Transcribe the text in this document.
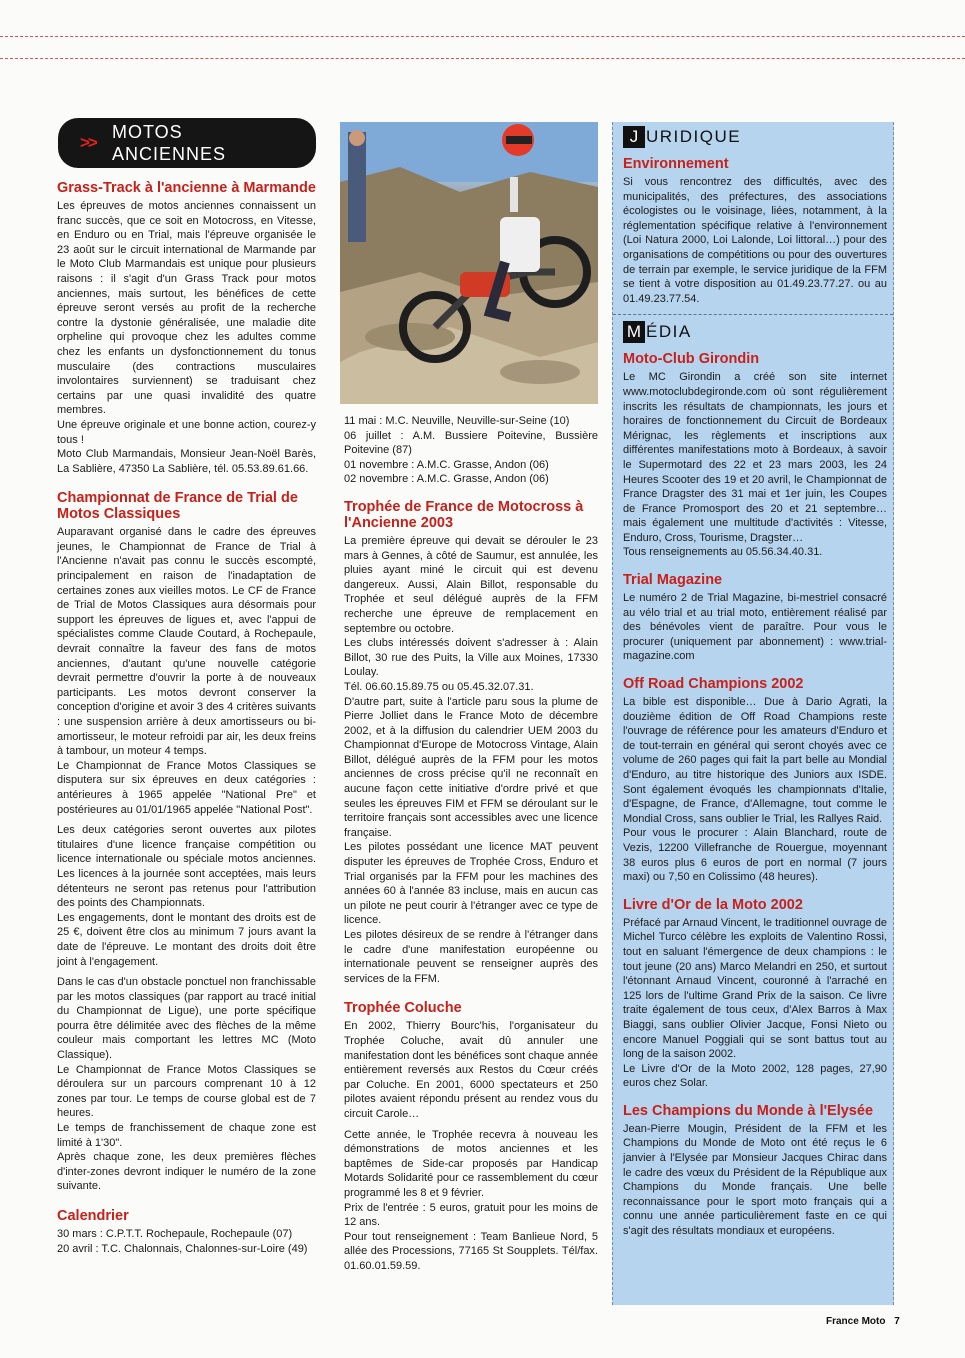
>>
MOTOS
ANCIENNES
Grass-Track à l'ancienne à Marmande

Les épreuves de motos anciennes connaissent un franc succès, que ce soit en Motocross, en Vitesse, en Enduro ou en Trial, mais l'épreuve organisée le 23 août sur le circuit international de Marmande par le Moto Club Marmandais est unique pour plusieurs raisons : il s'agit d'un Grass Track pour motos anciennes, mais surtout, les bénéfices de cette épreuve seront versés au profit de la recherche contre la dystonie généralisée, une maladie dite orpheline qui provoque chez les adultes comme chez les enfants un dysfonctionnement du tonus musculaire (des contractions musculaires involontaires surviennent) se traduisant chez certains par une quasi invalidité des quatre membres.

Une épreuve originale et une bonne action, courez-y tous !

Moto Club Marmandais, Monsieur Jean-Noël Barès, La Sablière, 47350 La Sablière, tél. 05.53.89.61.66.

Championnat de France de Trial de Motos Classiques

Auparavant organisé dans le cadre des épreuves jeunes, le Championnat de France de Trial à l'Ancienne n'avait pas connu le succès escompté, principalement en raison de l'inadaptation de certaines zones aux vieilles motos. Le CF de France de Trial de Motos Classiques aura désormais pour support les épreuves de ligues et, avec l'appui de spécialistes comme Claude Coutard, à Rochepaule, devrait connaître la faveur des fans de motos anciennes, d'autant qu'une nouvelle catégorie devrait permettre d'ouvrir la porte à de nouveaux participants. Les motos devront conserver la conception d'origine et avoir 3 des 4 critères suivants : une suspension arrière à deux amortisseurs ou bi-amortisseur, le moteur refroidi par air, les deux freins à tambour, un moteur 4 temps.

Le Championnat de France Motos Classiques se disputera sur six épreuves en deux catégories : antérieures à 1965 appelée "National Pre" et postérieures au 01/01/1965 appelée "National Post".

Les deux catégories seront ouvertes aux pilotes titulaires d'une licence française compétition ou licence internationale ou spéciale motos anciennes. Les licences à la journée sont acceptées, mais leurs détenteurs ne seront pas retenus pour l'attribution des points des Championnats.

Les engagements, dont le montant des droits est de 25 €, doivent être clos au minimum 7 jours avant la date de l'épreuve. Le montant des droits doit être joint à l'engagement.

Dans le cas d'un obstacle ponctuel non franchissable par les motos classiques (par rapport au tracé initial du Championnat de Ligue), une porte spécifique pourra être délimitée avec des flèches de la même couleur mais comportant les lettres MC (Moto Classique).

Le Championnat de France Motos Classiques se déroulera sur un parcours comprenant 10 à 12 zones par tour. Le temps de course global est de 7 heures.

Le temps de franchissement de chaque zone est limité à 1'30".

Après chaque zone, les deux premières flèches d'inter-zones devront indiquer le numéro de la zone suivante.

Calendrier

30 mars : C.P.T.T. Rochepaule, Rochepaule (07)

20 avril : T.C. Chalonnais, Chalonnes-sur-Loire (49)

11 mai : M.C. Neuville, Neuville-sur-Seine (10)

06 juillet : A.M. Bussiere Poitevine, Bussière Poitevine (87)

01 novembre : A.M.C. Grasse, Andon (06)

02 novembre : A.M.C. Grasse, Andon (06)

Trophée de France de Motocross à l'Ancienne 2003

La première épreuve qui devait se dérouler le 23 mars à Gennes, à côté de Saumur, est annulée, les pluies ayant miné le circuit qui est devenu dangereux. Aussi, Alain Billot, responsable du Trophée et seul délégué auprès de la FFM recherche une épreuve de remplacement en septembre ou octobre.

Les clubs intéressés doivent s'adresser à : Alain Billot, 30 rue des Puits, la Ville aux Moines, 17330 Loulay.

Tél. 06.60.15.89.75 ou 05.45.32.07.31.

D'autre part, suite à l'article paru sous la plume de Pierre Jolliet dans le France Moto de décembre 2002, et à la diffusion du calendrier UEM 2003 du Championnat d'Europe de Motocross Vintage, Alain Billot, délégué auprès de la FFM pour les motos anciennes de cross précise qu'il ne reconnaît en aucune façon cette initiative d'ordre privé et que seules les épreuves FIM et FFM se déroulant sur le territoire français sont accessibles avec une licence française.

Les pilotes possédant une licence MAT peuvent disputer les épreuves de Trophée Cross, Enduro et Trial organisés par la FFM pour les machines des années 60 à l'année 83 incluse, mais en aucun cas un pilote ne peut courir à l'étranger avec ce type de licence.

Les pilotes désireux de se rendre à l'étranger dans le cadre d'une manifestation européenne ou internationale peuvent se renseigner auprès des services de la FFM.

Trophée Coluche

En 2002, Thierry Bourc'his, l'organisateur du Trophée Coluche, avait dû annuler une manifestation dont les bénéfices sont chaque année entièrement reversés aux Restos du Cœur créés par Coluche. En 2001, 6000 spectateurs et 250 pilotes avaient répondu présent au rendez vous du circuit Carole…

Cette année, le Trophée recevra à nouveau les démonstrations de motos anciennes et les baptêmes de Side-car proposés par Handicap Motards Solidarité pour ce rassemblement du cœur programmé les 8 et 9 février.

Prix de l'entrée : 5 euros, gratuit pour les moins de 12 ans.

Pour tout renseignement : Team Banlieue Nord, 5 allée des Processions, 77165 St Soupplets. Tél/fax. 01.60.01.59.59.

J URIDIQUE
Environnement

Si vous rencontrez des difficultés, avec des municipalités, des préfectures, des associations écologistes ou le voisinage, liées, notamment, à la réglementation spécifique relative à l'environnement (Loi Natura 2000, Loi Lalonde, Loi littoral…) pour des organisations de compétitions ou pour des ouvertures de terrain par exemple, le service juridique de la FFM se tient à votre disposition au 01.49.23.77.27. ou au 01.49.23.77.54.

M ÉDIA
Moto-Club Girondin

Le MC Girondin a créé son site internet www.motoclubdegironde.com où sont régulièrement inscrits les résultats de championnats, les jours et horaires de fonctionnement du Circuit de Bordeaux Mérignac, les règlements et inscriptions aux différentes manifestations moto à Bordeaux, à savoir le Supermotard des 22 et 23 mars 2003, les 24 Heures Scooter des 19 et 20 avril, le Championnat de France Dragster des 31 mai et 1er juin, les Coupes de France Promosport des 20 et 21 septembre… mais également une multitude d'activités : Vitesse, Enduro, Cross, Tourisme, Dragster…

Tous renseignements au 05.56.34.40.31.

Trial Magazine

Le numéro 2 de Trial Magazine, bi-mestriel consacré au vélo trial et au trial moto, entièrement réalisé par des bénévoles vient de paraître. Pour vous le procurer (uniquement par abonnement) : www.trial-magazine.com

Off Road Champions 2002

La bible est disponible… Due à Dario Agrati, la douzième édition de Off Road Champions reste l'ouvrage de référence pour les amateurs d'Enduro et de tout-terrain en général qui seront choyés avec ce volume de 260 pages qui fait la part belle au Mondial d'Enduro, au titre historique des Juniors aux ISDE. Sont également évoqués les championnats d'Italie, d'Espagne, de France, d'Allemagne, tout comme le Mondial Cross, sans oublier le Trial, les Rallyes Raid.

Pour vous le procurer : Alain Blanchard, route de Vezis, 12200 Villefranche de Rouergue, moyennant 38 euros plus 6 euros de port en normal (7 jours maxi) ou 7,50 en Colissimo (48 heures).

Livre d'Or de la Moto 2002

Préfacé par Arnaud Vincent, le traditionnel ouvrage de Michel Turco célèbre les exploits de Valentino Rossi, tout en saluant l'émergence de deux champions : le tout jeune (20 ans) Marco Melandri en 250, et surtout l'étonnant Arnaud Vincent, couronné à l'arraché en 125 lors de l'ultime Grand Prix de la saison. Ce livre traite également de tous ceux, d'Alex Barros à Max Biaggi, sans oublier Olivier Jacque, Fonsi Nieto ou encore Manuel Poggiali qui se sont battus tout au long de la saison 2002.

Le Livre d'Or de la Moto 2002, 128 pages, 27,90 euros chez Solar.

Les Champions du Monde à l'Elysée

Jean-Pierre Mougin, Président de la FFM et les Champions du Monde de Moto ont été reçus le 6 janvier à l'Elysée par Monsieur Jacques Chirac dans le cadre des vœux du Président de la République aux Champions du Monde français. Une belle reconnaissance pour le sport moto français qui a connu une année particulièrement faste en ce qui s'agit des résultats mondiaux et européens.

France Moto 7
